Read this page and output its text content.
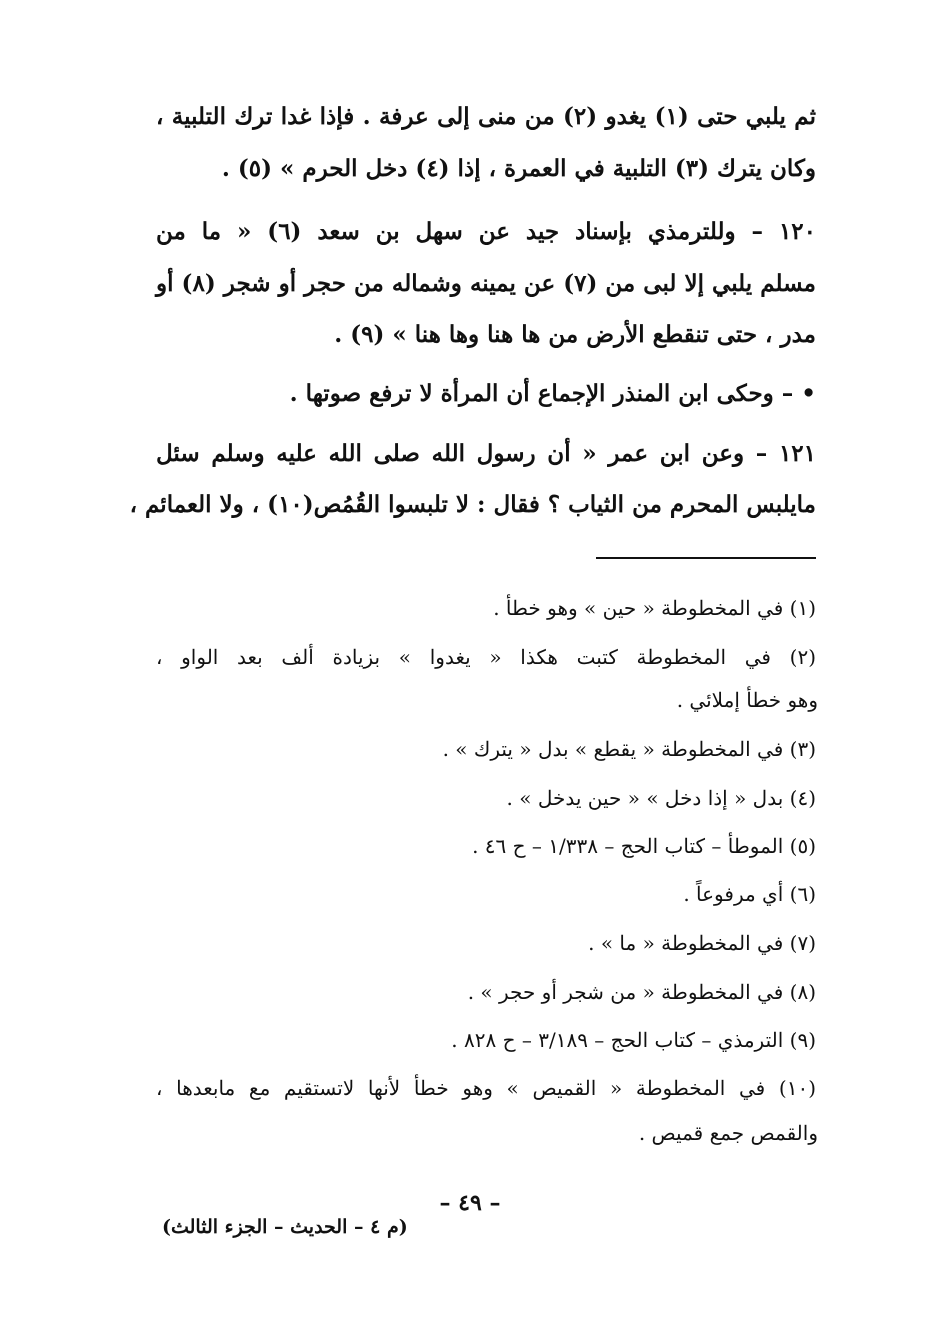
ثم يلبي حتى (١) يغدو (٢) من منى إلى عرفة . فإذا غدا ترك التلبية ،
وكان يترك (٣) التلبية في العمرة ، إذا (٤) دخل الحرم » (٥) .
١٢٠ – وللترمذي بإسناد جيد عن سهل بن سعد (٦) « ما من
مسلم يلبي إلا لبى من (٧) عن يمينه وشماله من حجر أو شجر (٨) أو
مدر ، حتى تنقطع الأرض من ها هنا وها هنا » (٩) .
• – وحكى ابن المنذر الإجماع أن المرأة لا ترفع صوتها .
١٢١ – وعن ابن عمر « أن رسول الله صلى الله عليه وسلم سئل
مايلبس المحرم من الثياب ؟ فقال : لا تلبسوا القُمُص(١٠) ، ولا العمائم ،
(١) في المخطوطة « حين » وهو خطأ .
(٢) في المخطوطة كتبت هكذا « يغدوا » بزيادة ألف بعد الواو ،
وهو خطأ إملائي .
(٣) في المخطوطة « يقطع » بدل « يترك » .
(٤) بدل « إذا دخل » « حين يدخل » .
(٥) الموطأ – كتاب الحج – ١/٣٣٨ – ح ٤٦ .
(٦) أي مرفوعاً .
(٧) في المخطوطة « ما » .
(٨) في المخطوطة « من شجر أو حجر » .
(٩) الترمذي – كتاب الحج – ٣/١٨٩ – ح ٨٢٨ .
(١٠) في المخطوطة « القميص » وهو خطأ لأنها لاتستقيم مع مابعدها ،
والقمص جمع قميص .
– ٤٩ –
(م ٤ – الحديث – الجزء الثالث)
